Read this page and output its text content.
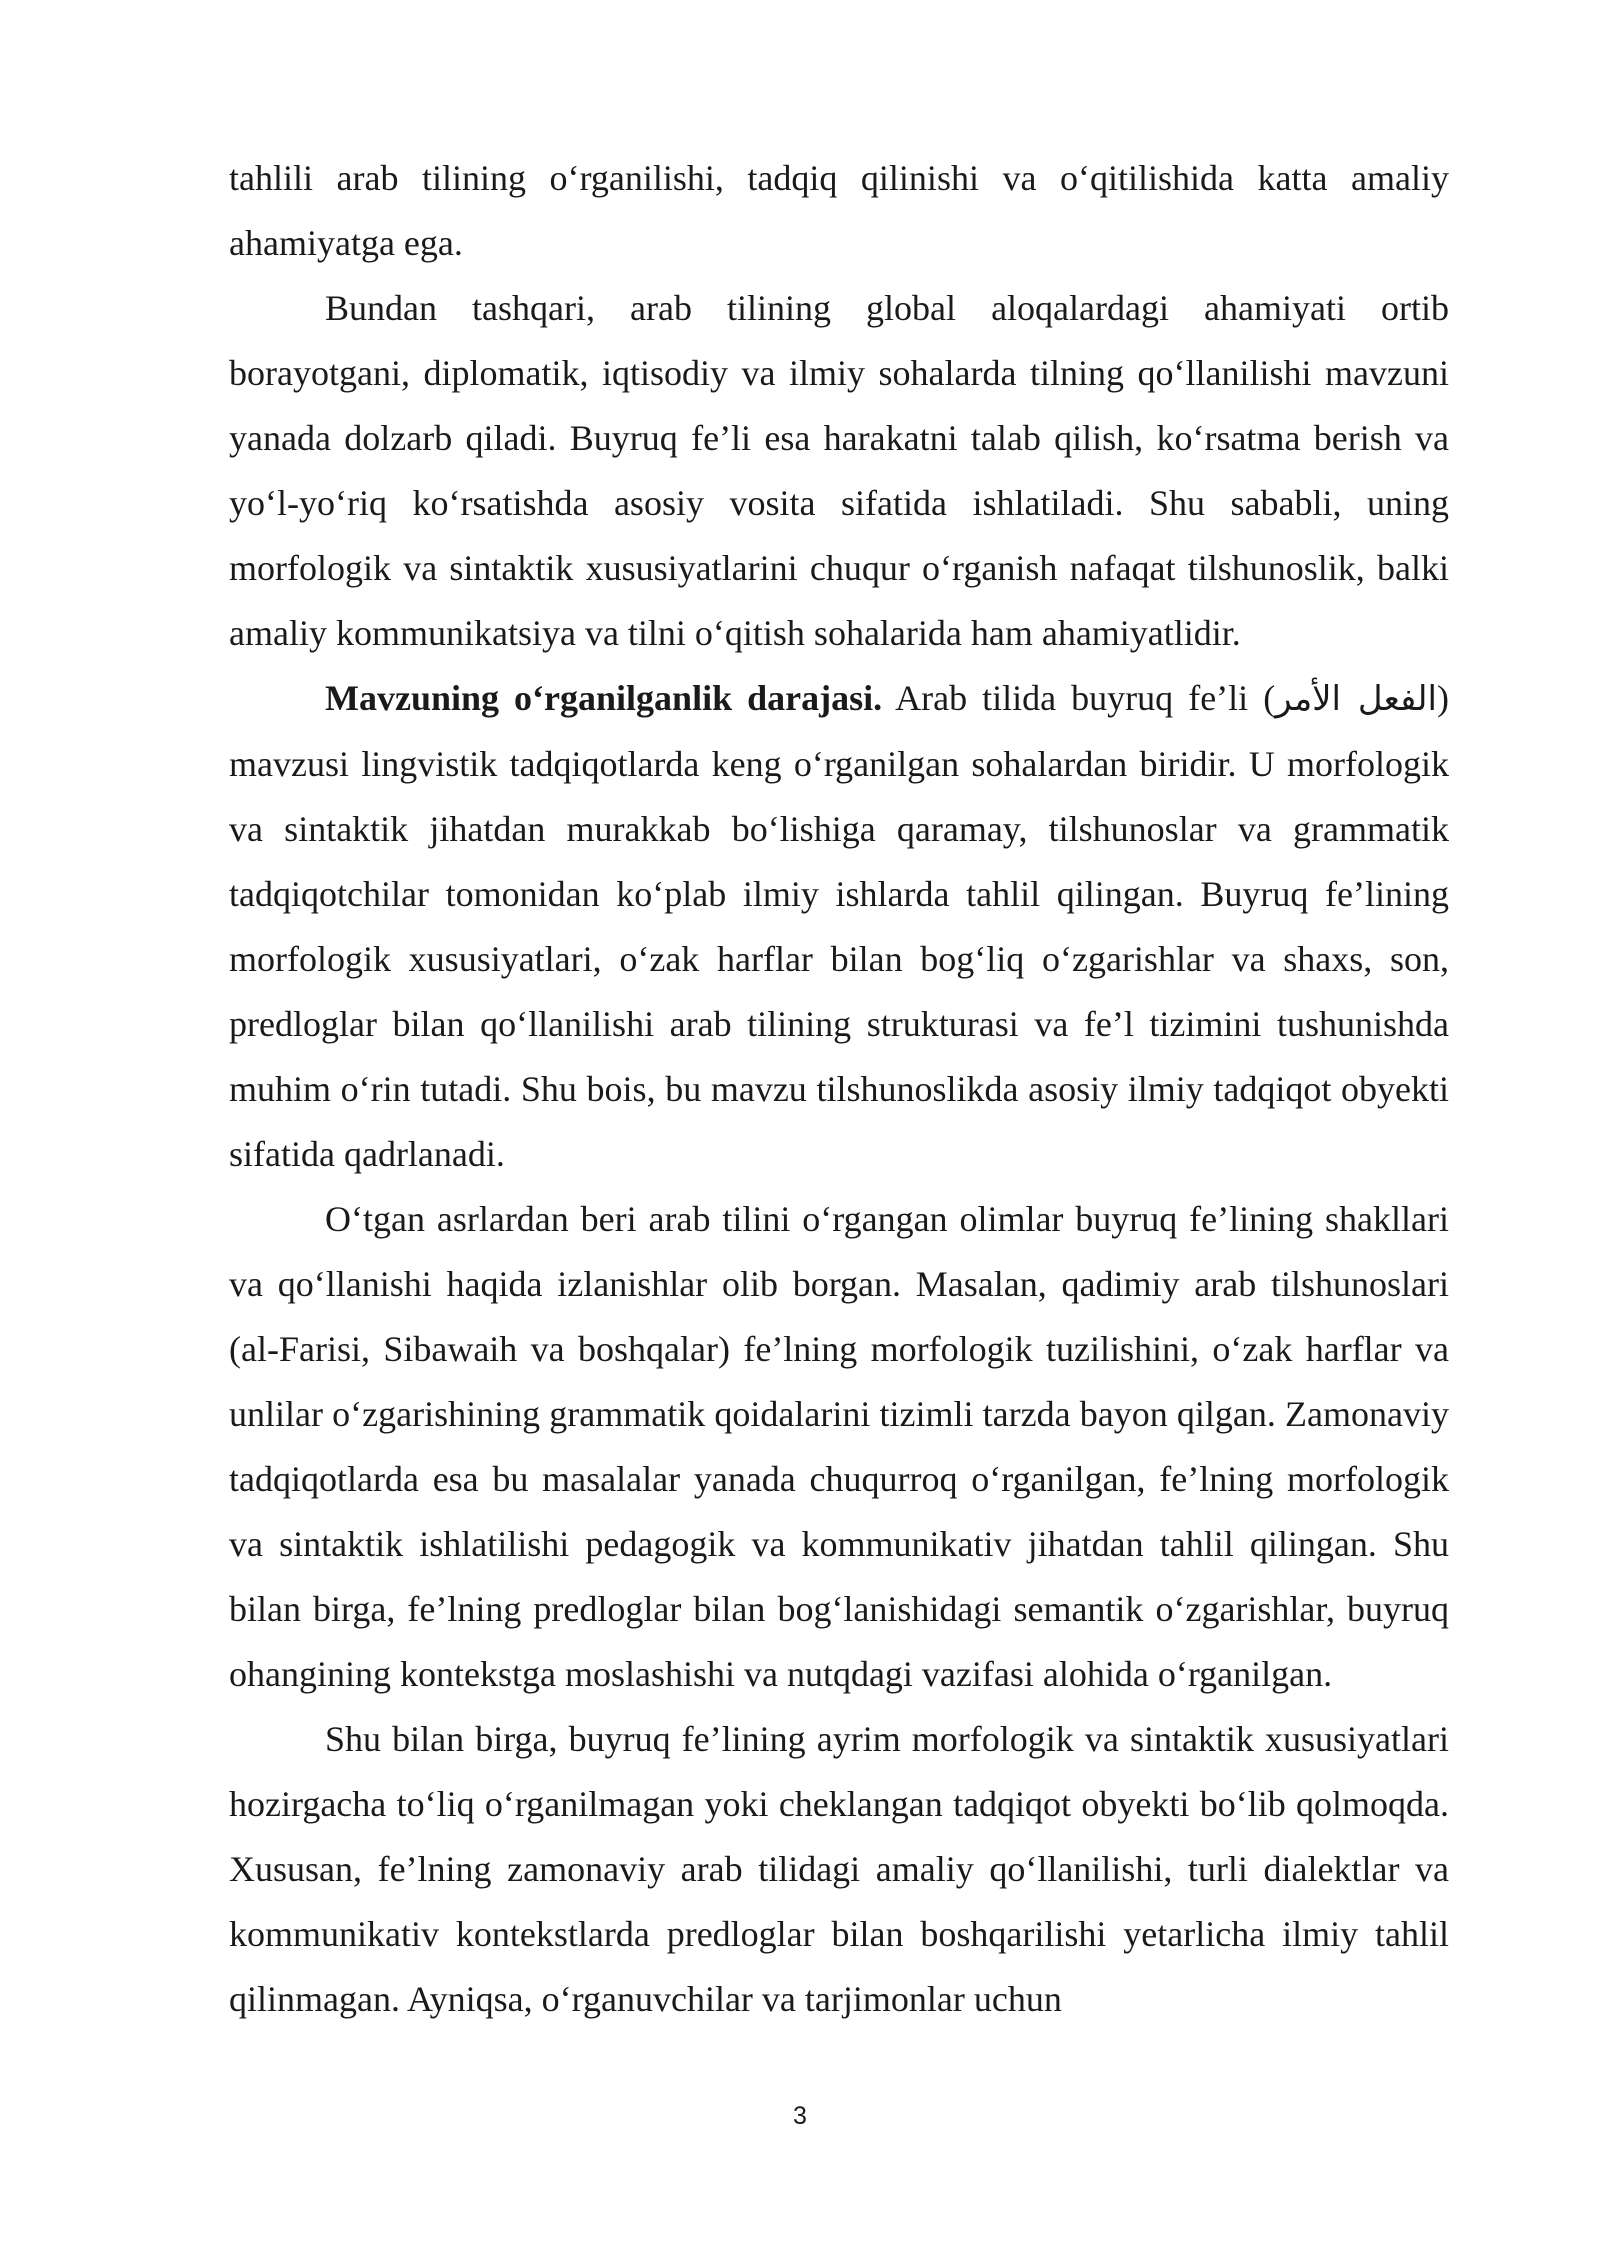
tahlili arab tilining o‘rganilishi, tadqiq qilinishi va o‘qitilishida katta amaliy ahamiyatga ega.

Bundan tashqari, arab tilining global aloqalardagi ahamiyati ortib borayotgani, diplomatik, iqtisodiy va ilmiy sohalarda tilning qo‘llanilishi mavzuni yanada dolzarb qiladi. Buyruq fe’li esa harakatni talab qilish, ko‘rsatma berish va yo‘l-yo‘riq ko‘rsatishda asosiy vosita sifatida ishlatiladi. Shu sababli, uning morfologik va sintaktik xususiyatlarini chuqur o‘rganish nafaqat tilshunoslik, balki amaliy kommunikatsiya va tilni o‘qitish sohalarida ham ahamiyatlidir.

Mavzuning o‘rganilganlik darajasi. Arab tilida buyruq fe’li (الفعل الأمر) mavzusi lingvistik tadqiqotlarda keng o‘rganilgan sohalardan biridir. U morfologik va sintaktik jihatdan murakkab bo‘lishiga qaramay, tilshunoslar va grammatik tadqiqotchilar tomonidan ko‘plab ilmiy ishlarda tahlil qilingan. Buyruq fe’lining morfologik xususiyatlari, o‘zak harflar bilan bog‘liq o‘zgarishlar va shaxs, son, predloglar bilan qo‘llanilishi arab tilining strukturasi va fe’l tizimini tushunishda muhim o‘rin tutadi. Shu bois, bu mavzu tilshunoslikda asosiy ilmiy tadqiqot obyekti sifatida qadrlanadi.

O‘tgan asrlardan beri arab tilini o‘rgangan olimlar buyruq fe’lining shakllari va qo‘llanishi haqida izlanishlar olib borgan. Masalan, qadimiy arab tilshunoslari (al-Farisi, Sibawaih va boshqalar) fe’lning morfologik tuzilishini, o‘zak harflar va unlilar o‘zgarishining grammatik qoidalarini tizimli tarzda bayon qilgan. Zamonaviy tadqiqotlarda esa bu masalalar yanada chuqurroq o‘rganilgan, fe’lning morfologik va sintaktik ishlatilishi pedagogik va kommunikativ jihatdan tahlil qilingan. Shu bilan birga, fe’lning predloglar bilan bog‘lanishidagi semantik o‘zgarishlar, buyruq ohangining kontekstga moslashishi va nutqdagi vazifasi alohida o‘rganilgan.

Shu bilan birga, buyruq fe’lining ayrim morfologik va sintaktik xususiyatlari hozirgacha to‘liq o‘rganilmagan yoki cheklangan tadqiqot obyekti bo‘lib qolmoqda. Xususan, fe’lning zamonaviy arab tilidagi amaliy qo‘llanilishi, turli dialektlar va kommunikativ kontekstlarda predloglar bilan boshqarilishi yetarlicha ilmiy tahlil qilinmagan. Ayniqsa, o‘rganuvchilar va tarjimonlar uchun

3
